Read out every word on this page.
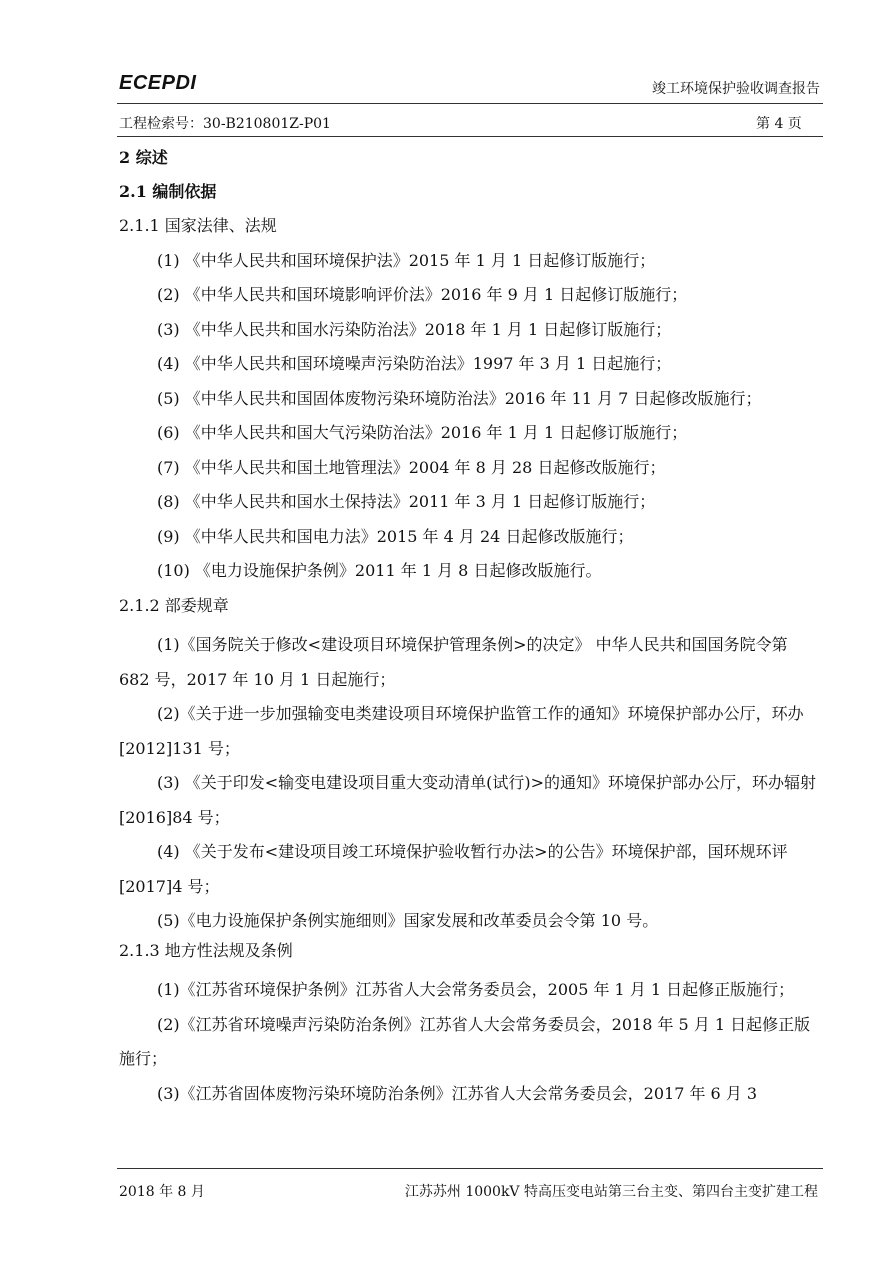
ECEPDI	竣工环境保护验收调查报告
工程检索号：30-B210801Z-P01	第 4 页
2 综述
2.1 编制依据
2.1.1 国家法律、法规
(1) 《中华人民共和国环境保护法》2015 年 1 月 1 日起修订版施行；
(2) 《中华人民共和国环境影响评价法》2016 年 9 月 1 日起修订版施行；
(3) 《中华人民共和国水污染防治法》2018 年 1 月 1 日起修订版施行；
(4) 《中华人民共和国环境噪声污染防治法》1997 年 3 月 1 日起施行；
(5) 《中华人民共和国固体废物污染环境防治法》2016 年 11 月 7 日起修改版施行；
(6) 《中华人民共和国大气污染防治法》2016 年 1 月 1 日起修订版施行；
(7) 《中华人民共和国土地管理法》2004 年 8 月 28 日起修改版施行；
(8) 《中华人民共和国水土保持法》2011 年 3 月 1 日起修订版施行；
(9) 《中华人民共和国电力法》2015 年 4 月 24 日起修改版施行；
(10) 《电力设施保护条例》2011 年 1 月 8 日起修改版施行。
2.1.2 部委规章
(1)《国务院关于修改<建设项目环境保护管理条例>的决定》 中华人民共和国国务院令第 682 号，2017 年 10 月 1 日起施行；
(2)《关于进一步加强输变电类建设项目环境保护监管工作的通知》环境保护部办公厅，环办[2012]131 号；
(3) 《关于印发<输变电建设项目重大变动清单(试行)>的通知》环境保护部办公厅，环办辐射[2016]84 号；
(4) 《关于发布<建设项目竣工环境保护验收暂行办法>的公告》环境保护部，国环规环评[2017]4 号；
(5)《电力设施保护条例实施细则》国家发展和改革委员会令第 10 号。
2.1.3 地方性法规及条例
(1)《江苏省环境保护条例》江苏省人大会常务委员会，2005 年 1 月 1 日起修正版施行；
(2)《江苏省环境噪声污染防治条例》江苏省人大会常务委员会，2018 年 5 月 1 日起修正版施行；
(3)《江苏省固体废物污染环境防治条例》江苏省人大会常务委员会，2017 年 6 月 3
2018 年 8 月	江苏苏州 1000kV 特高压变电站第三台主变、第四台主变扩建工程
